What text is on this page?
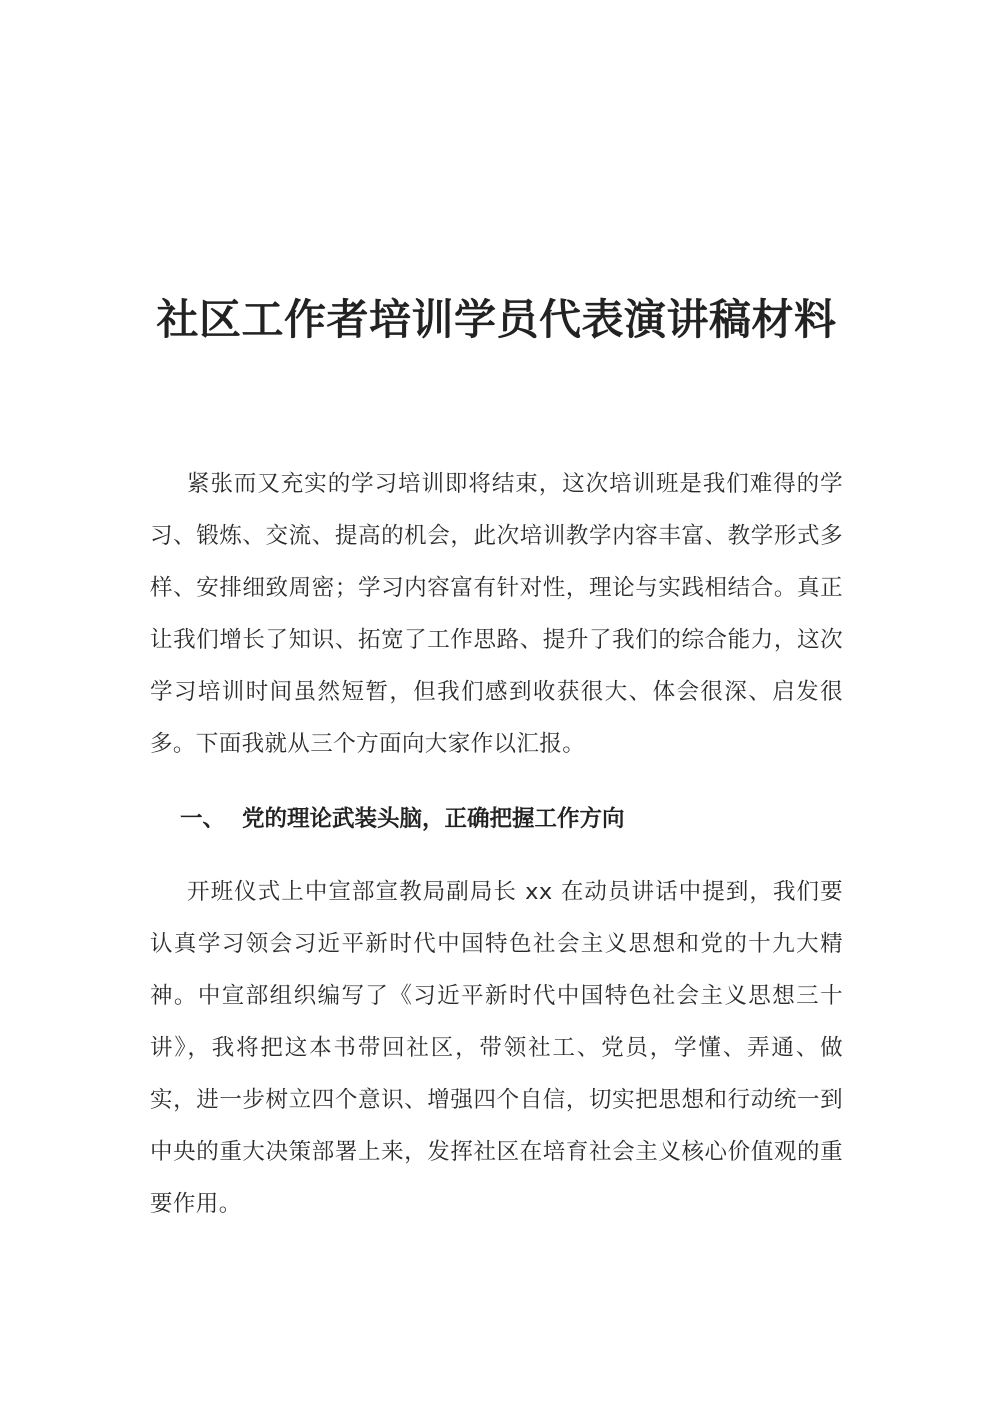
社区工作者培训学员代表演讲稿材料

紧张而又充实的学习培训即将结束，这次培训班是我们难得的学习、锻炼、交流、提高的机会，此次培训教学内容丰富、教学形式多样、安排细致周密；学习内容富有针对性，理论与实践相结合。真正让我们增长了知识、拓宽了工作思路、提升了我们的综合能力，这次学习培训时间虽然短暂，但我们感到收获很大、体会很深、启发很多。下面我就从三个方面向大家作以汇报。

一、 党的理论武装头脑，正确把握工作方向

开班仪式上中宣部宣教局副局长 xx 在动员讲话中提到，我们要认真学习领会习近平新时代中国特色社会主义思想和党的十九大精神。中宣部组织编写了《习近平新时代中国特色社会主义思想三十讲》，我将把这本书带回社区，带领社工、党员，学懂、弄通、做实，进一步树立四个意识、增强四个自信，切实把思想和行动统一到中央的重大决策部署上来，发挥社区在培育社会主义核心价值观的重要作用。
